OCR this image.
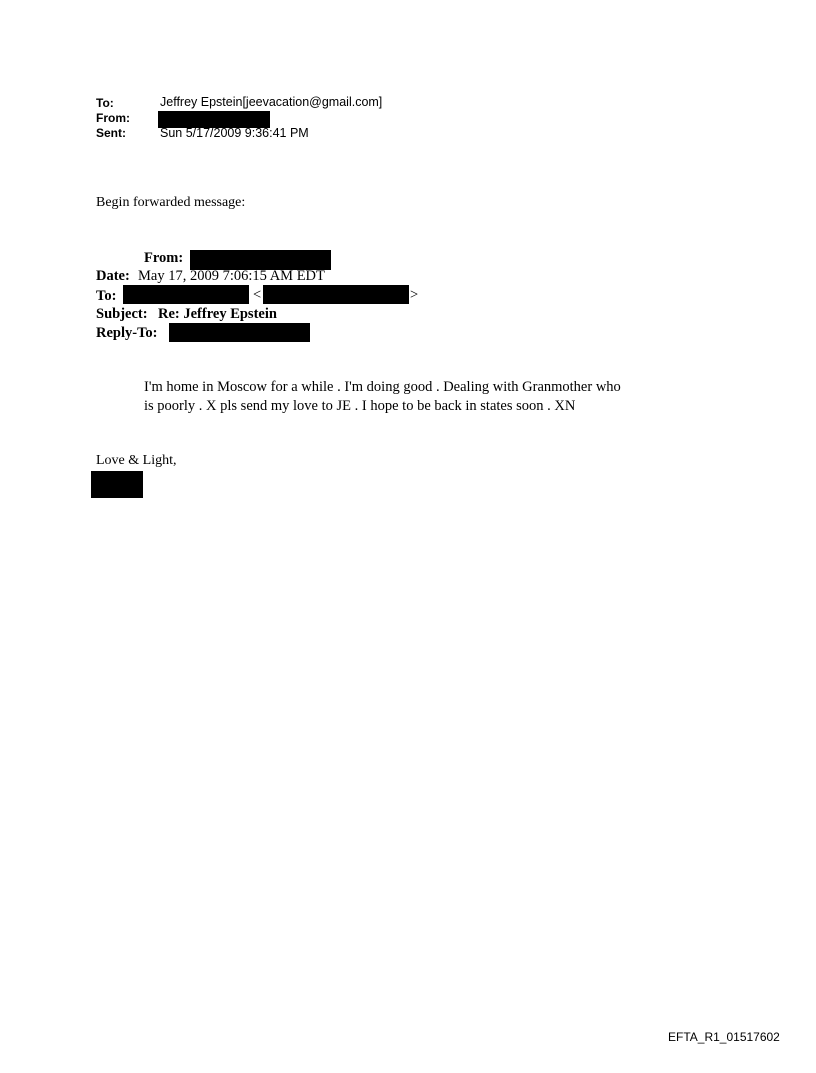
To:	Jeffrey Epstein[jeevacation@gmail.com]
From:
Sent:	Sun 5/17/2009 9:36:41 PM
Begin forwarded message:
From:
Date: May 17, 2009 7:06:15 AM EDT
To:	<	>
Subject: Re: Jeffrey Epstein
Reply-To:
I'm home in Moscow for a while . I'm doing good . Dealing with Granmother who
is poorly . X pls send my love to JE . I hope to be back in states soon . XN
Love & Light,
EFTA_R1_01517602
